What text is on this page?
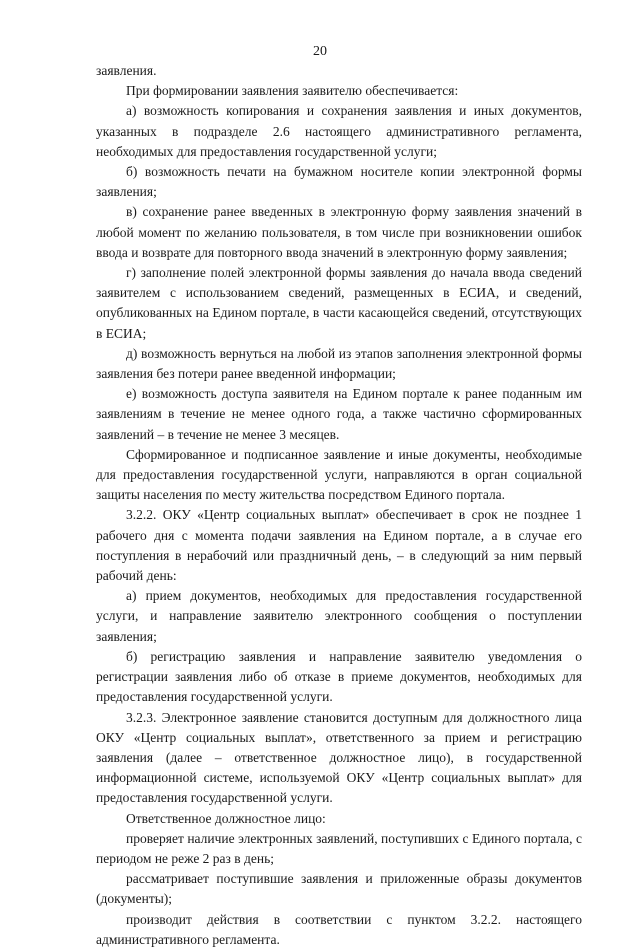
20

заявления.

При формировании заявления заявителю обеспечивается:

а) возможность копирования и сохранения заявления и иных документов, указанных в подразделе 2.6 настоящего административного регламента, необходимых для предоставления государственной услуги;

б) возможность печати на бумажном носителе копии электронной формы заявления;

в) сохранение ранее введенных в электронную форму заявления значений в любой момент по желанию пользователя, в том числе при возникновении ошибок ввода и возврате для повторного ввода значений в электронную форму заявления;

г) заполнение полей электронной формы заявления до начала ввода сведений заявителем с использованием сведений, размещенных в ЕСИА, и сведений, опубликованных на Едином портале, в части касающейся сведений, отсутствующих в ЕСИА;

д) возможность вернуться на любой из этапов заполнения электронной формы заявления без потери ранее введенной информации;

е) возможность доступа заявителя на Едином портале к ранее поданным им заявлениям в течение не менее одного года, а также частично сформированных заявлений – в течение не менее 3 месяцев.

Сформированное и подписанное заявление и иные документы, необходимые для предоставления государственной услуги, направляются в орган социальной защиты населения по месту жительства посредством Единого портала.

3.2.2. ОКУ «Центр социальных выплат» обеспечивает в срок не позднее 1 рабочего дня с момента подачи заявления на Едином портале, а в случае его поступления в нерабочий или праздничный день, – в следующий за ним первый рабочий день:

а) прием документов, необходимых для предоставления государственной услуги, и направление заявителю электронного сообщения о поступлении заявления;

б) регистрацию заявления и направление заявителю уведомления о регистрации заявления либо об отказе в приеме документов, необходимых для предоставления государственной услуги.

3.2.3. Электронное заявление становится доступным для должностного лица ОКУ «Центр социальных выплат», ответственного за прием и регистрацию заявления (далее – ответственное должностное лицо), в государственной информационной системе, используемой ОКУ «Центр социальных выплат» для предоставления государственной услуги.

Ответственное должностное лицо:

проверяет наличие электронных заявлений, поступивших с Единого портала, с периодом не реже 2 раз в день;

рассматривает поступившие заявления и приложенные образы документов (документы);

производит действия в соответствии с пунктом 3.2.2. настоящего административного регламента.
